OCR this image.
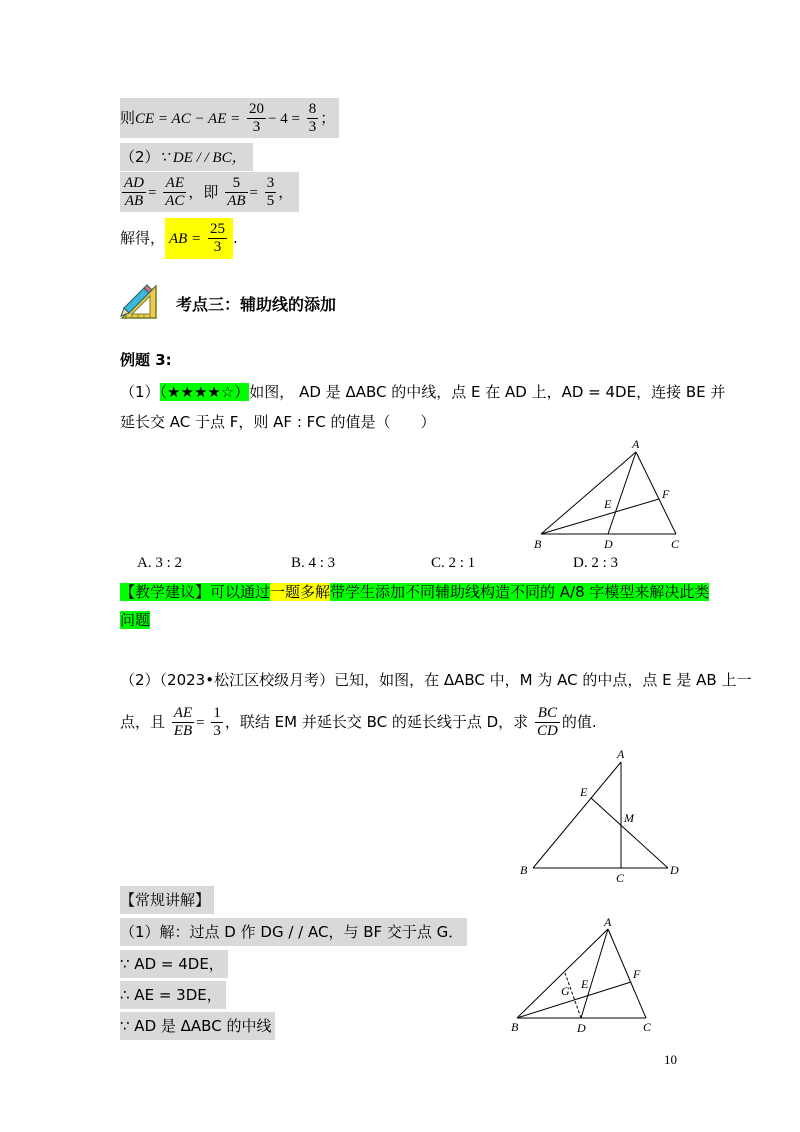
则CE = AC − AE = $\frac{20}{3} - 4 = \frac{8}{3}$ ；
（2）∵ DE / / BC，
$\frac{AD}{AB} = \frac{AE}{AC}$ ，即 $\frac{5}{AB} = \frac{3}{5}$ ，
解得， AB = $\frac{25}{3}$ .
考点三：辅助线的添加
例题 3:
（1）（★★★★☆）如图， AD 是 ΔABC 的中线，点 E 在 AD 上，AD = 4DE，连接 BE 并
延长交 AC 于点 F，则 AF : FC 的值是（　　）
A
B	C
D
E
F
A. 3 : 2	B. 4 : 3	C. 2 : 1	D. 2 : 3
【教学建议】可以通过一题多解带学生添加不同辅助线构造不同的 A/8 字模型来解决此类
问题
（2）（2023•松江区校级月考）已知，如图，在 ΔABC 中，M 为 AC 的中点，点 E 是 AB 上一
点，且 $\frac{AE}{EB} = \frac{1}{3}$ ，联结 EM 并延长交 BC 的延长线于点 D，求 $\frac{BC}{CD}$ 的值.
A
B
C
D
E
M
【常规讲解】
（1）解：过点 D 作 DG / / AC，与 BF 交于点 G．
∵ AD = 4DE，
∴ AE = 3DE，
∵ AD 是 ΔABC 的中线
A
B	C
D
E
F
G
10
